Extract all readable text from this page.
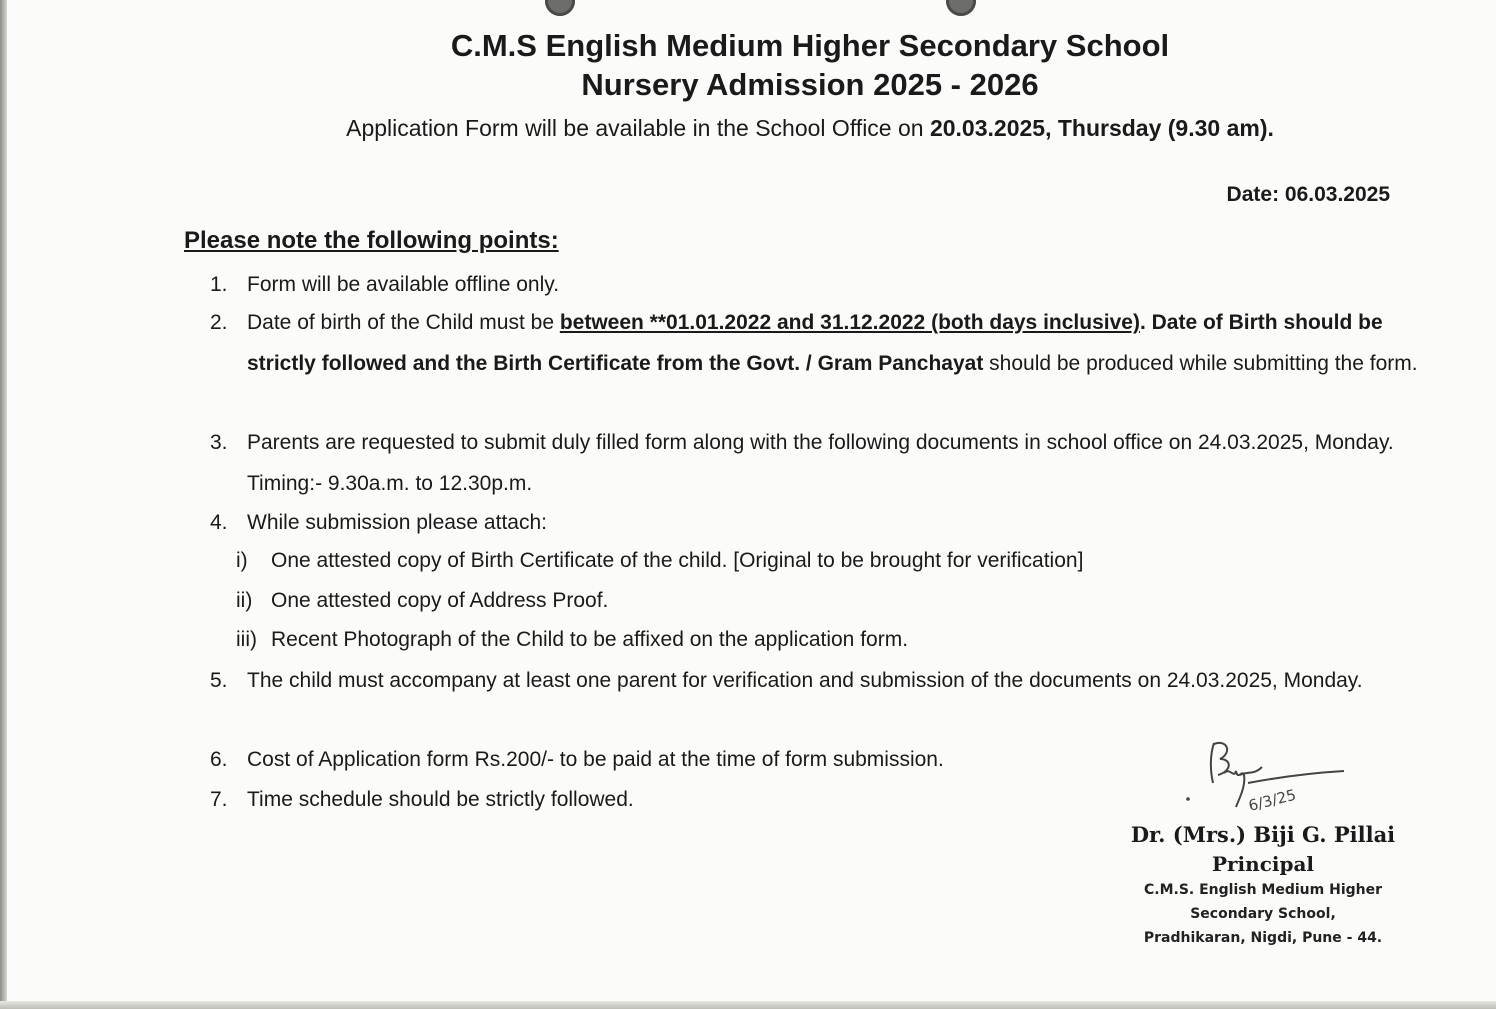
C.M.S English Medium Higher Secondary School
Nursery Admission 2025 - 2026

Application Form will be available in the School Office on 20.03.2025, Thursday (9.30 am).

Date: 06.03.2025
Please note the following points:
1. Form will be available offline only.
2. Date of birth of the Child must be between **01.01.2022 and 31.12.2022 (both days inclusive). Date of Birth should be strictly followed and the Birth Certificate from the Govt. / Gram Panchayat should be produced while submitting the form.
3. Parents are requested to submit duly filled form along with the following documents in school office on 24.03.2025, Monday. Timing:- 9.30a.m. to 12.30p.m.
4. While submission please attach:
i) One attested copy of Birth Certificate of the child. [Original to be brought for verification]
ii) One attested copy of Address Proof.
iii) Recent Photograph of the Child to be affixed on the application form.
5. The child must accompany at least one parent for verification and submission of the documents on 24.03.2025, Monday.
6. Cost of Application form Rs.200/- to be paid at the time of form submission.
7. Time schedule should be strictly followed.	6/3/25
Dr. (Mrs.) Biji G. Pillai
Principal
C.M.S. English Medium Higher Secondary School,
Pradhikaran, Nigdi, Pune - 44.
